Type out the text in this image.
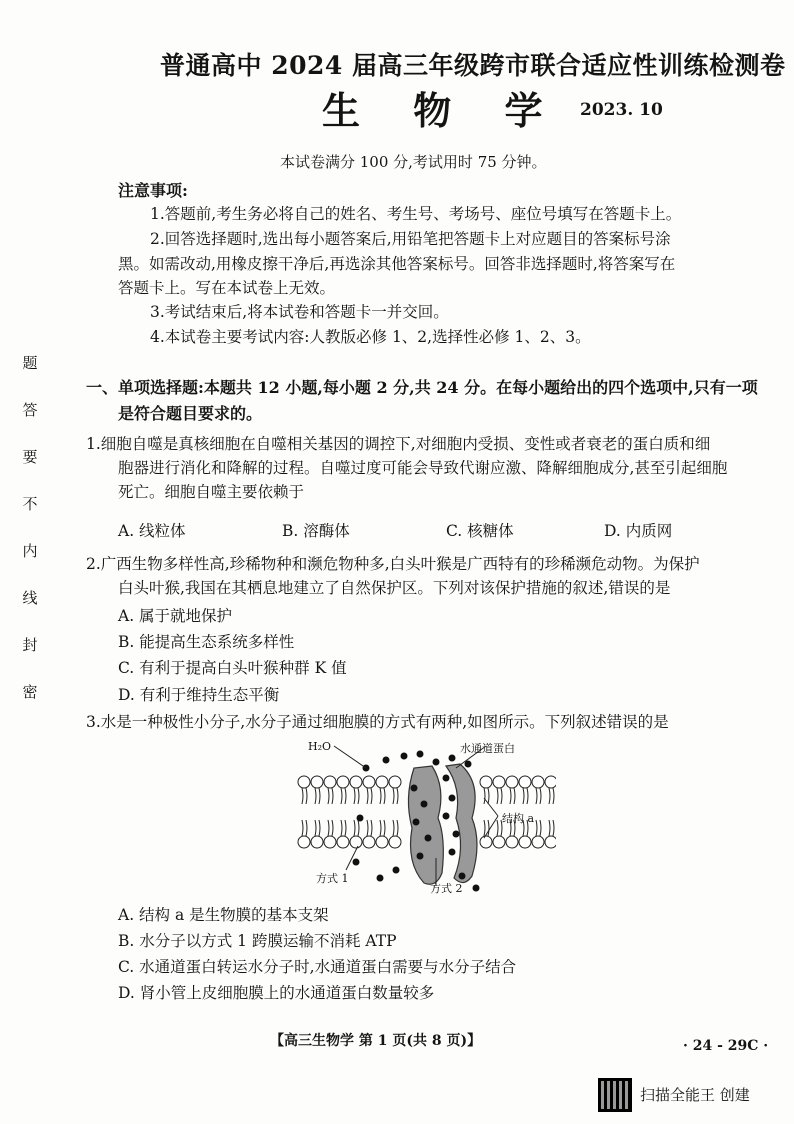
普通高中 2024 届高三年级跨市联合适应性训练检测卷
生 物 学 2023. 10
本试卷满分 100 分,考试用时 75 分钟。
注意事项:
1.答题前,考生务必将自己的姓名、考生号、考场号、座位号填写在答题卡上。
2.回答选择题时,选出每小题答案后,用铅笔把答题卡上对应题目的答案标号涂
黑。如需改动,用橡皮擦干净后,再选涂其他答案标号。回答非选择题时,将答案写在
答题卡上。写在本试卷上无效。
3.考试结束后,将本试卷和答题卡一并交回。
4.本试卷主要考试内容:人教版必修 1、2,选择性必修 1、2、3。
题
答
要
不
内
线
封
密
一、单项选择题:本题共 12 小题,每小题 2 分,共 24 分。在每小题给出的四个选项中,只有一项
是符合题目要求的。
1.细胞自噬是真核细胞在自噬相关基因的调控下,对细胞内受损、变性或者衰老的蛋白质和细
胞器进行消化和降解的过程。自噬过度可能会导致代谢应激、降解细胞成分,甚至引起细胞
死亡。细胞自噬主要依赖于
A. 线粒体	B. 溶酶体	C. 核糖体	D. 内质网
2.广西生物多样性高,珍稀物种和濒危物种多,白头叶猴是广西特有的珍稀濒危动物。为保护
白头叶猴,我国在其栖息地建立了自然保护区。下列对该保护措施的叙述,错误的是
A. 属于就地保护
B. 能提高生态系统多样性
C. 有利于提高白头叶猴种群 K 值
D. 有利于维持生态平衡
3.水是一种极性小分子,水分子通过细胞膜的方式有两种,如图所示。下列叙述错误的是
H₂O	水通道蛋白
结构 a
方式 1
方式 2
A. 结构 a 是生物膜的基本支架
B. 水分子以方式 1 跨膜运输不消耗 ATP
C. 水通道蛋白转运水分子时,水通道蛋白需要与水分子结合
D. 肾小管上皮细胞膜上的水通道蛋白数量较多
【高三生物学 第 1 页(共 8 页)】	· 24 - 29C ·
扫描全能王 创建
